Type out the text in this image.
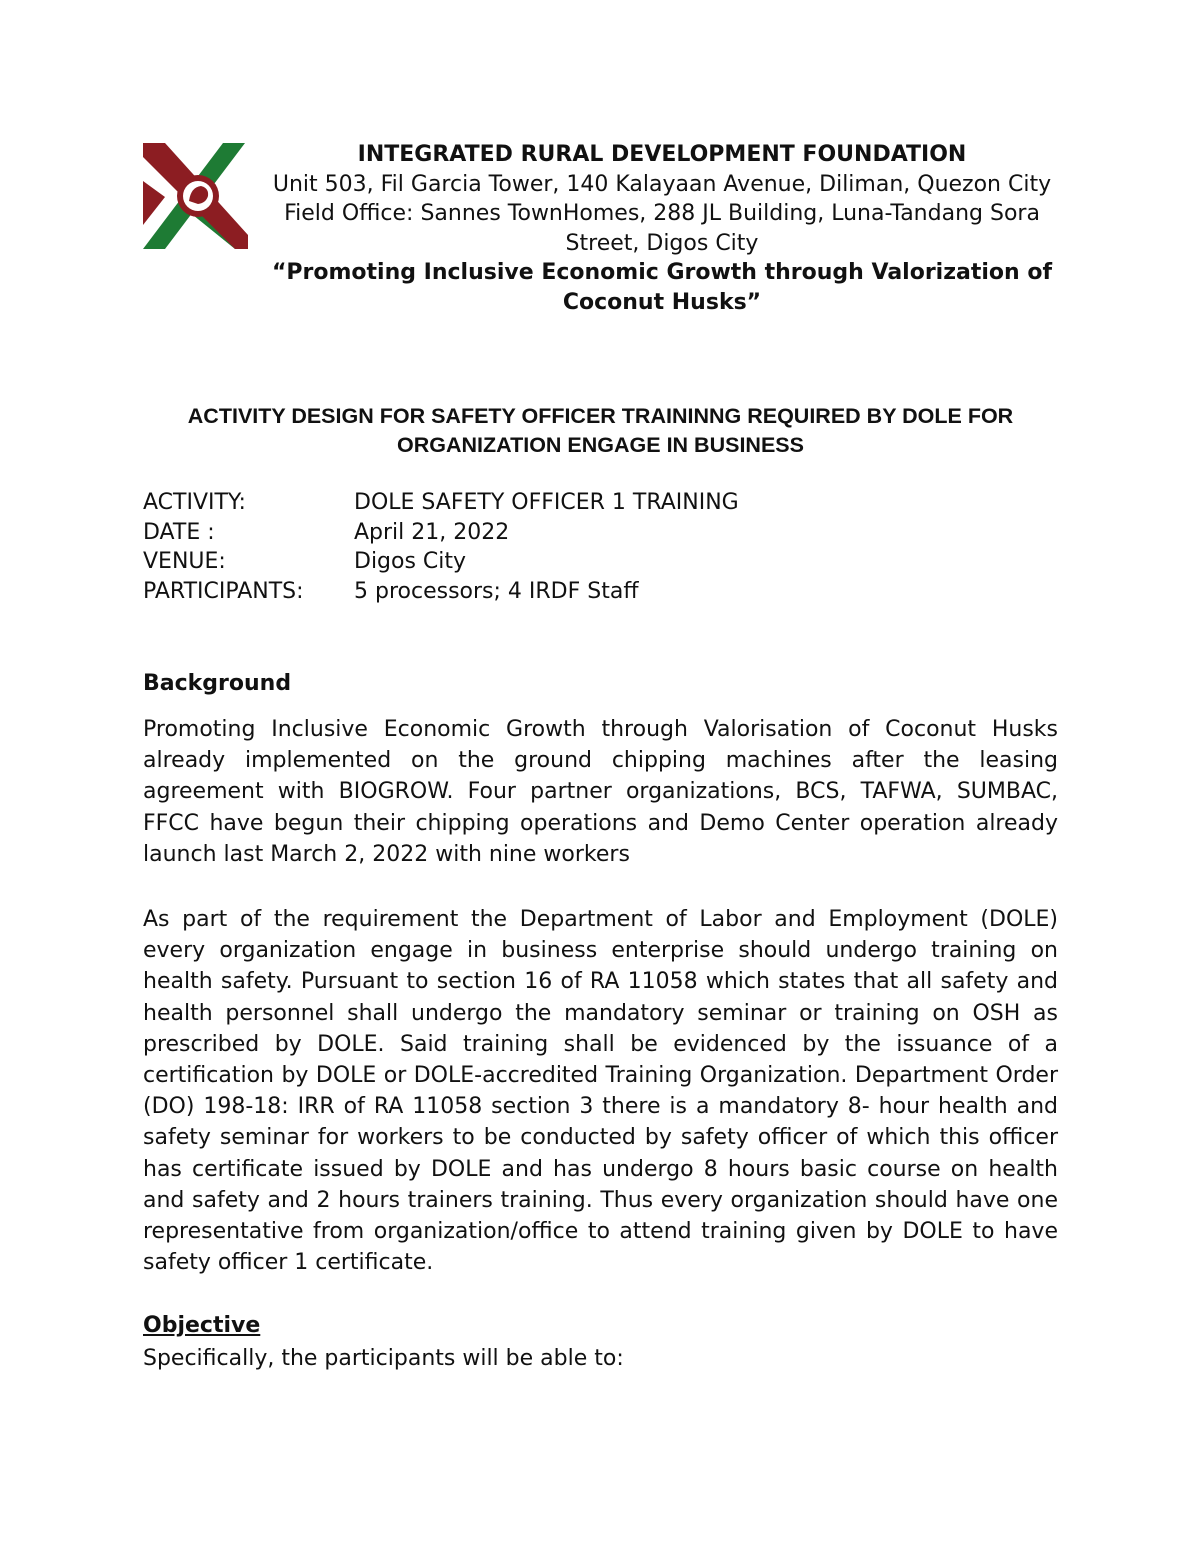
INTEGRATED RURAL DEVELOPMENT FOUNDATION
Unit 503, Fil Garcia Tower, 140 Kalayaan Avenue, Diliman, Quezon City
Field Office: Sannes TownHomes, 288 JL Building, Luna-Tandang Sora Street, Digos City
“Promoting Inclusive Economic Growth through Valorization of Coconut Husks”
ACTIVITY DESIGN FOR SAFETY OFFICER TRAININNG REQUIRED BY DOLE FOR ORGANIZATION ENGAGE IN BUSINESS
ACTIVITY:	DOLE SAFETY OFFICER 1 TRAINING
DATE :	April 21, 2022
VENUE:	Digos City
PARTICIPANTS:	5 processors; 4 IRDF Staff
Background
Promoting Inclusive Economic Growth through Valorisation of Coconut Husks already implemented on the ground chipping machines after the leasing agreement with BIOGROW. Four partner organizations, BCS, TAFWA, SUMBAC, FFCC have begun their chipping operations and Demo Center operation already launch last March 2, 2022 with nine workers
As part of the requirement the Department of Labor and Employment (DOLE) every organization engage in business enterprise should undergo training on health safety. Pursuant to section 16 of RA 11058 which states that all safety and health personnel shall undergo the mandatory seminar or training on OSH as prescribed by DOLE. Said training shall be evidenced by the issuance of a certification by DOLE or DOLE-accredited Training Organization. Department Order (DO) 198-18: IRR of RA 11058 section 3 there is a mandatory 8- hour health and safety seminar for workers to be conducted by safety officer of which this officer has certificate issued by DOLE and has undergo 8 hours basic course on health and safety and 2 hours trainers training. Thus every organization should have one representative from organization/office to attend training given by DOLE to have safety officer 1 certificate.
Objective
Specifically, the participants will be able to:
